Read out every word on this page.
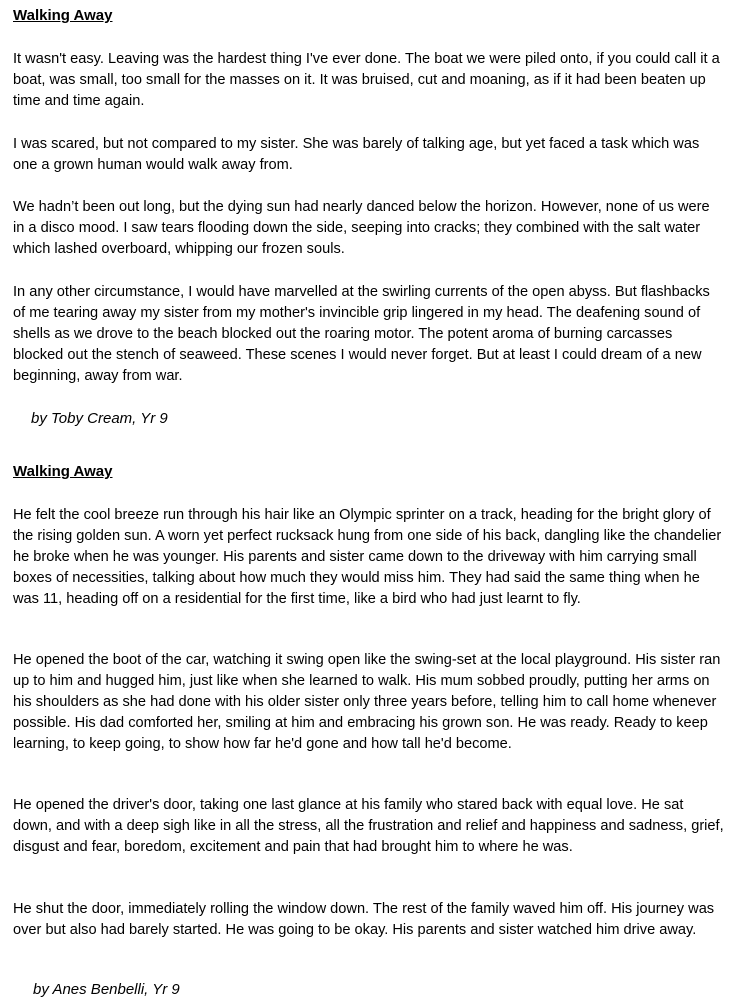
Walking Away

It wasn't easy. Leaving was the hardest thing I've ever done. The boat we were piled onto, if you could call it a boat, was small, too small for the masses on it. It was bruised, cut and moaning, as if it had been beaten up time and time again.

I was scared, but not compared to my sister. She was barely of talking age, but yet faced a task which was one a grown human would walk away from.

We hadn’t been out long, but the dying sun had nearly danced below the horizon. However, none of us were in a disco mood. I saw tears flooding down the side, seeping into cracks; they combined with the salt water which lashed overboard, whipping our frozen souls.

In any other circumstance, I would have marvelled at the swirling currents of the open abyss. But flashbacks of me tearing away my sister from my mother's invincible grip lingered in my head. The deafening sound of shells as we drove to the beach blocked out the roaring motor. The potent aroma of burning carcasses blocked out the stench of seaweed. These scenes I would never forget. But at least I could dream of a new beginning, away from war.

by Toby Cream, Yr 9

Walking Away

He felt the cool breeze run through his hair like an Olympic sprinter on a track, heading for the bright glory of the rising golden sun. A worn yet perfect rucksack hung from one side of his back, dangling like the chandelier he broke when he was younger. His parents and sister came down to the driveway with him carrying small boxes of necessities, talking about how much they would miss him. They had said the same thing when he was 11, heading off on a residential for the first time, like a bird who had just learnt to fly.

He opened the boot of the car, watching it swing open like the swing-set at the local playground. His sister ran up to him and hugged him, just like when she learned to walk. His mum sobbed proudly, putting her arms on his shoulders as she had done with his older sister only three years before, telling him to call home whenever possible. His dad comforted her, smiling at him and embracing his grown son. He was ready. Ready to keep learning, to keep going, to show how far he'd gone and how tall he'd become.

He opened the driver's door, taking one last glance at his family who stared back with equal love. He sat down, and with a deep sigh like in all the stress, all the frustration and relief and happiness and sadness, grief, disgust and fear, boredom, excitement and pain that had brought him to where he was.

He shut the door, immediately rolling the window down. The rest of the family waved him off. His journey was over but also had barely started. He was going to be okay. His parents and sister watched him drive away.

by Anes Benbelli, Yr 9
